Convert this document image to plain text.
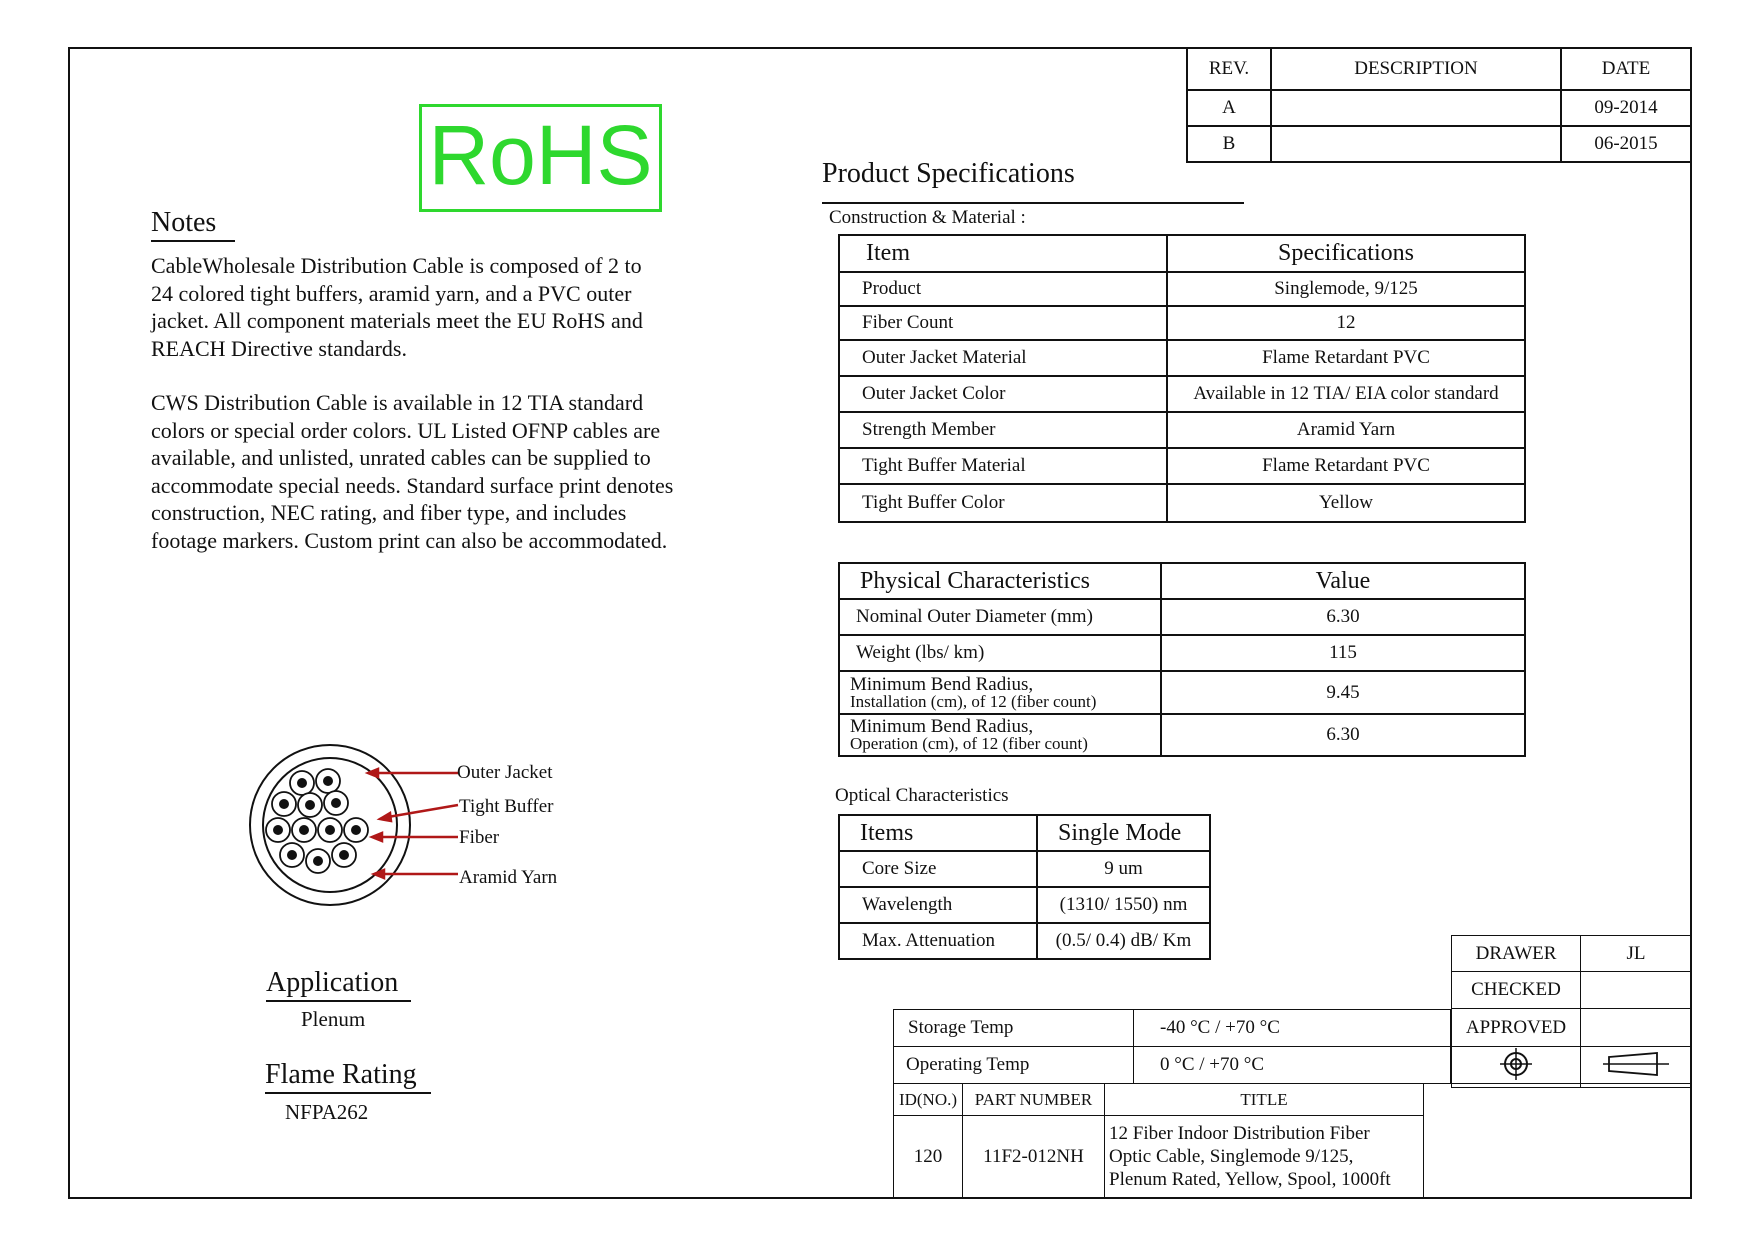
REV.	DESCRIPTION	DATE
A		09-2014
B		06-2015
RoHS
Notes

CableWholesale Distribution Cable is composed of 2 to 24 colored tight buffers, aramid yarn, and a PVC outer jacket. All component materials meet the EU RoHS and REACH Directive standards.

CWS Distribution Cable is available in 12 TIA standard colors or special order colors. UL Listed OFNP cables are available, and unlisted, unrated cables can be supplied to accommodate special needs. Standard surface print denotes construction, NEC rating, and fiber type, and includes footage markers. Custom print can also be accommodated.

Product Specifications
Construction & Material :
Item	Specifications
Product	Singlemode, 9/125
Fiber Count	12
Outer Jacket Material	Flame Retardant PVC
Outer Jacket Color	Available in 12 TIA/ EIA color standard
Strength Member	Aramid Yarn
Tight Buffer Material	Flame Retardant PVC
Tight Buffer Color	Yellow
Physical Characteristics	Value
Nominal Outer Diameter (mm)	6.30
Weight (lbs/ km)	115

Minimum Bend Radius,
Installation (cm), of 12 (fiber count)	9.45

Minimum Bend Radius,
Operation (cm), of 12 (fiber count)	6.30
Optical Characteristics
Items	Single Mode
Core Size	9 um
Wavelength	(1310/ 1550) nm
Max. Attenuation	(0.5/ 0.4) dB/ Km
Outer Jacket
Tight Buffer
Fiber
Aramid Yarn
Application
Plenum
Flame Rating
NFPA262
DRAWER	JL
CHECKED	
APPROVED	

Storage Temp	-40 °C / +70 °C
Operating Temp	0 °C / +70 °C
ID(NO.)	PART NUMBER	TITLE	
120	11F2-012NH	12 Fiber Indoor Distribution Fiber
Optic Cable, Singlemode 9/125,
Plenum Rated, Yellow, Spool, 1000ft	
